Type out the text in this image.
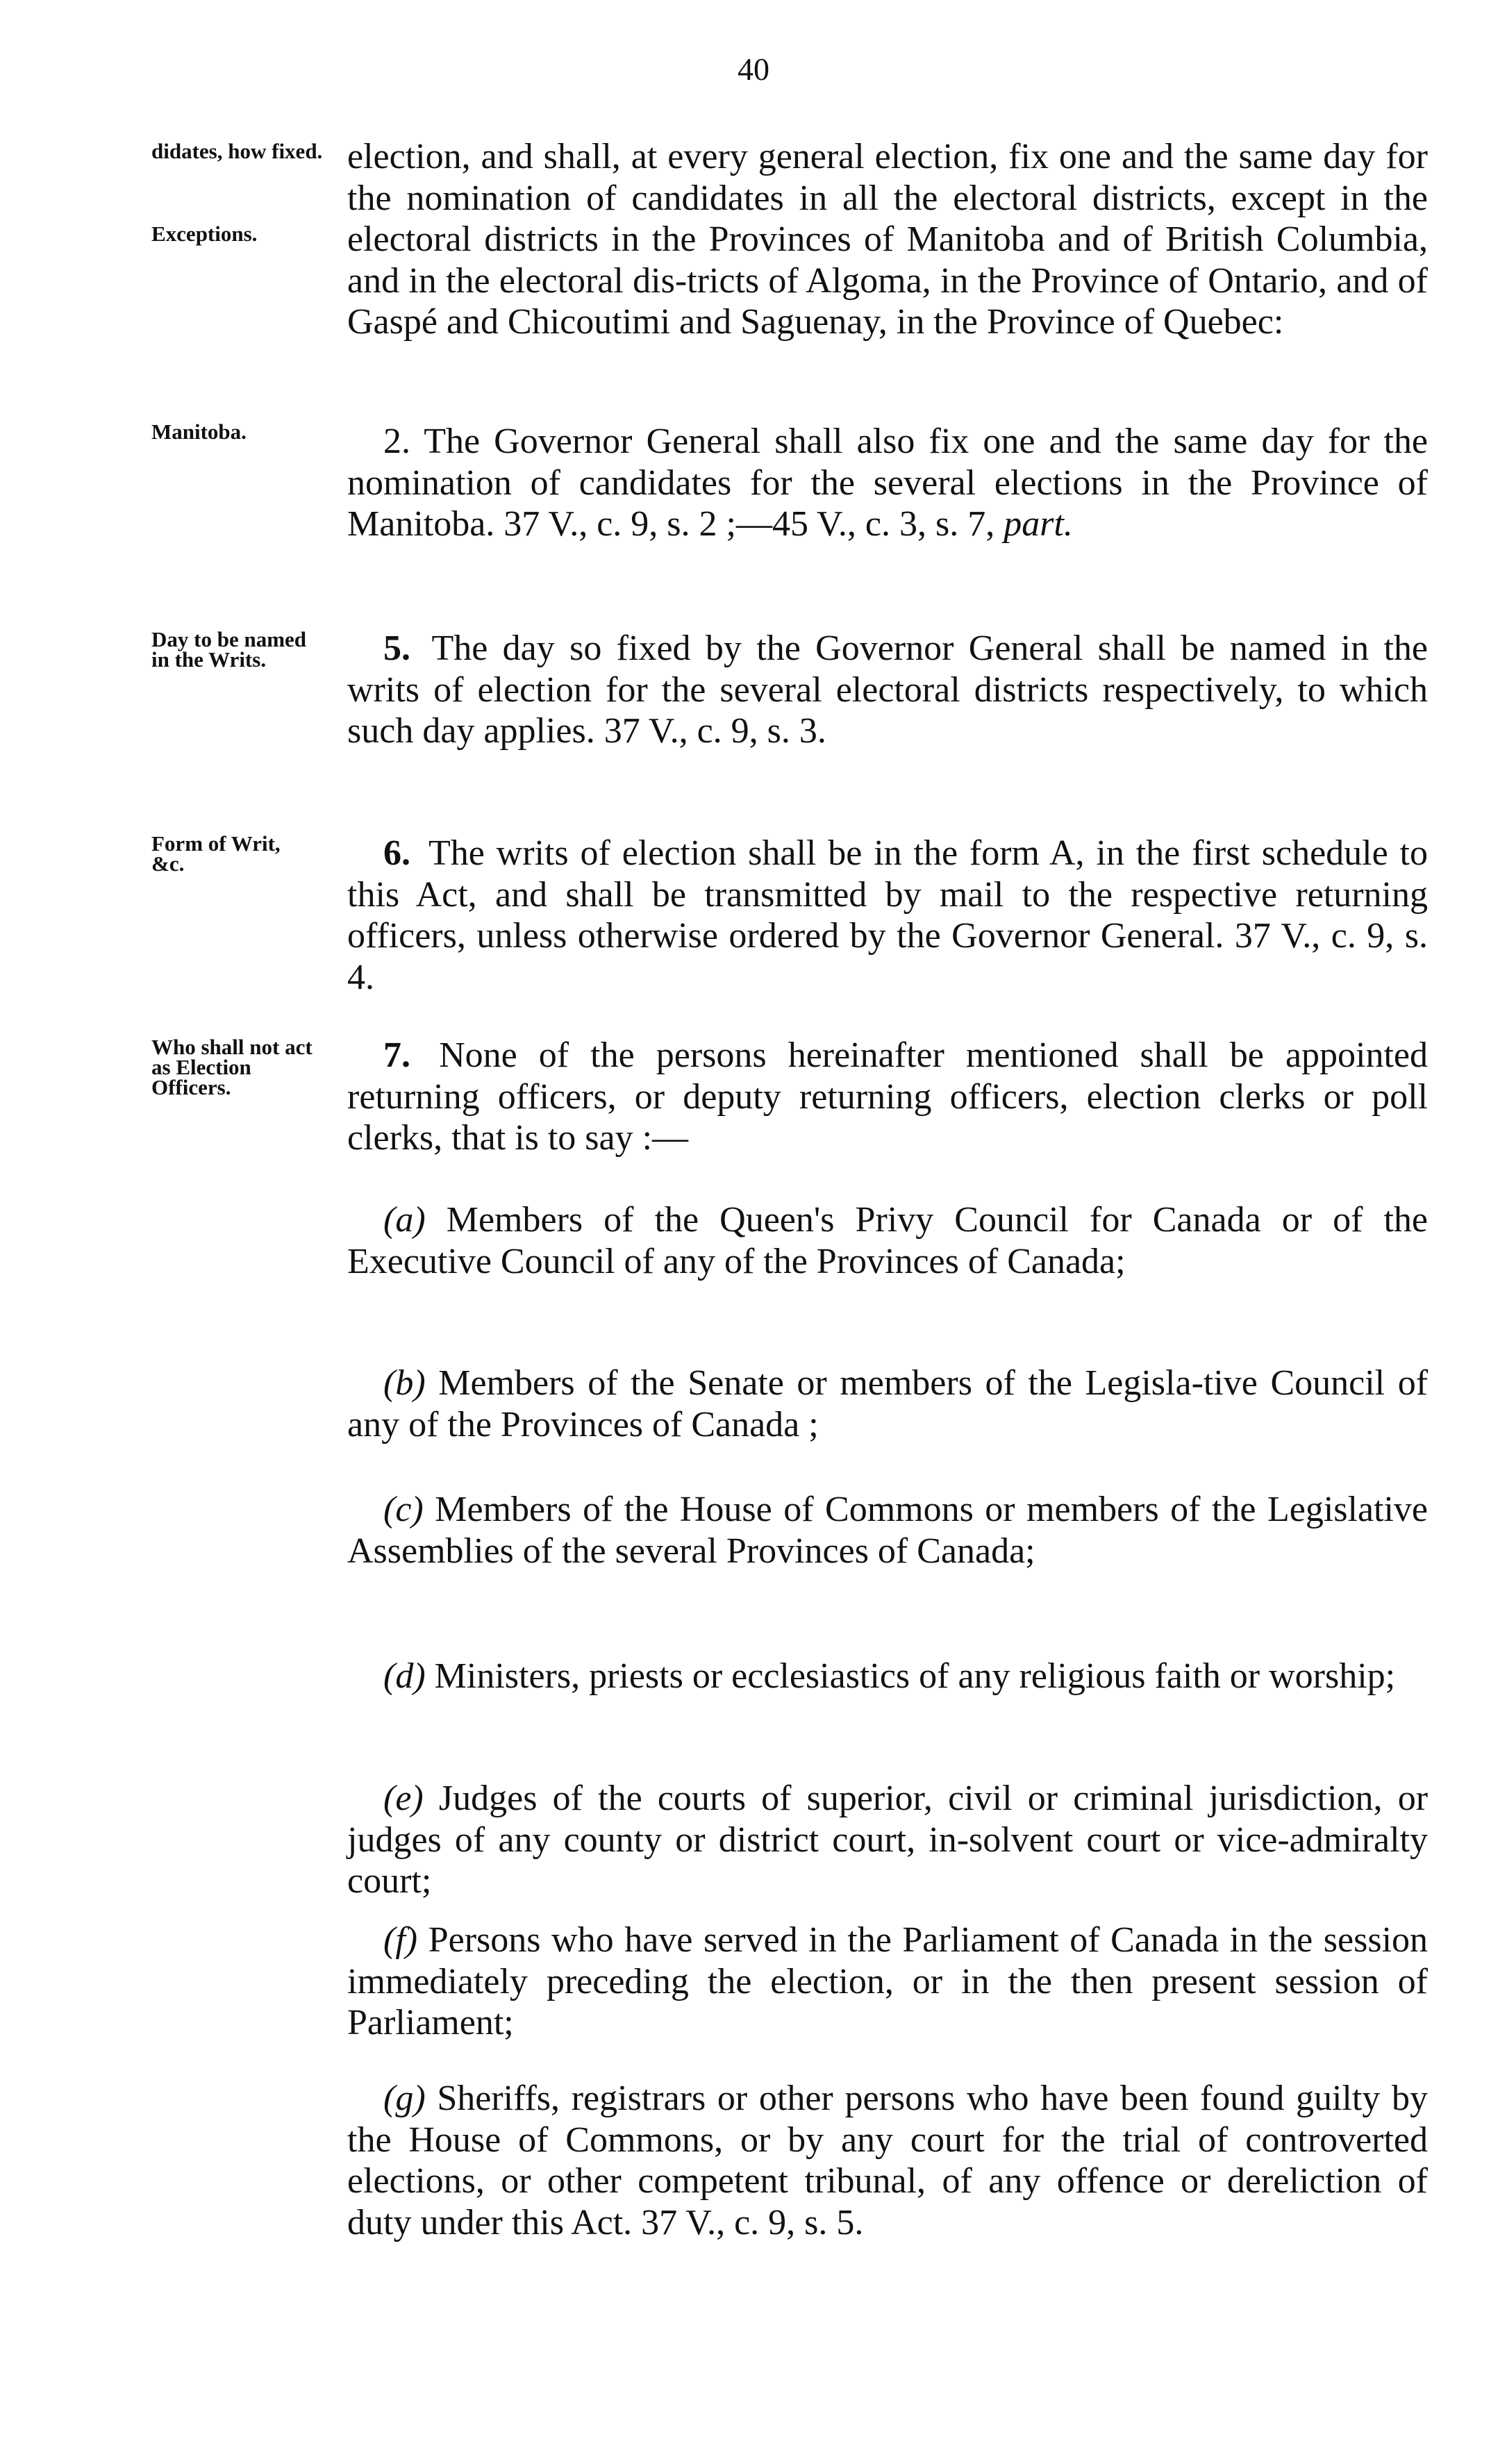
40
didates, how fixed.
Exceptions.
Manitoba.
Day to be named in the Writs.
Form of Writ, &c.
Who shall not act as Election Officers.
election, and shall, at every general election, fix one and the same day for the nomination of candidates in all the electoral districts, except in the electoral districts in the Provinces of Manitoba and of British Columbia, and in the electoral dis-tricts of Algoma, in the Province of Ontario, and of Gaspé and Chicoutimi and Saguenay, in the Province of Quebec:
2. The Governor General shall also fix one and the same day for the nomination of candidates for the several elections in the Province of Manitoba. 37 V., c. 9, s. 2 ;—45 V., c. 3, s. 7, part.
5. The day so fixed by the Governor General shall be named in the writs of election for the several electoral districts respectively, to which such day applies. 37 V., c. 9, s. 3.
6. The writs of election shall be in the form A, in the first schedule to this Act, and shall be transmitted by mail to the respective returning officers, unless otherwise ordered by the Governor General. 37 V., c. 9, s. 4.
7. None of the persons hereinafter mentioned shall be appointed returning officers, or deputy returning officers, election clerks or poll clerks, that is to say :—
(a) Members of the Queen's Privy Council for Canada or of the Executive Council of any of the Provinces of Canada;
(b) Members of the Senate or members of the Legisla-tive Council of any of the Provinces of Canada ;
(c) Members of the House of Commons or members of the Legislative Assemblies of the several Provinces of Canada;
(d) Ministers, priests or ecclesiastics of any religious faith or worship;
(e) Judges of the courts of superior, civil or criminal jurisdiction, or judges of any county or district court, in-solvent court or vice-admiralty court;
(f) Persons who have served in the Parliament of Canada in the session immediately preceding the election, or in the then present session of Parliament;
(g) Sheriffs, registrars or other persons who have been found guilty by the House of Commons, or by any court for the trial of controverted elections, or other competent tribunal, of any offence or dereliction of duty under this Act. 37 V., c. 9, s. 5.
